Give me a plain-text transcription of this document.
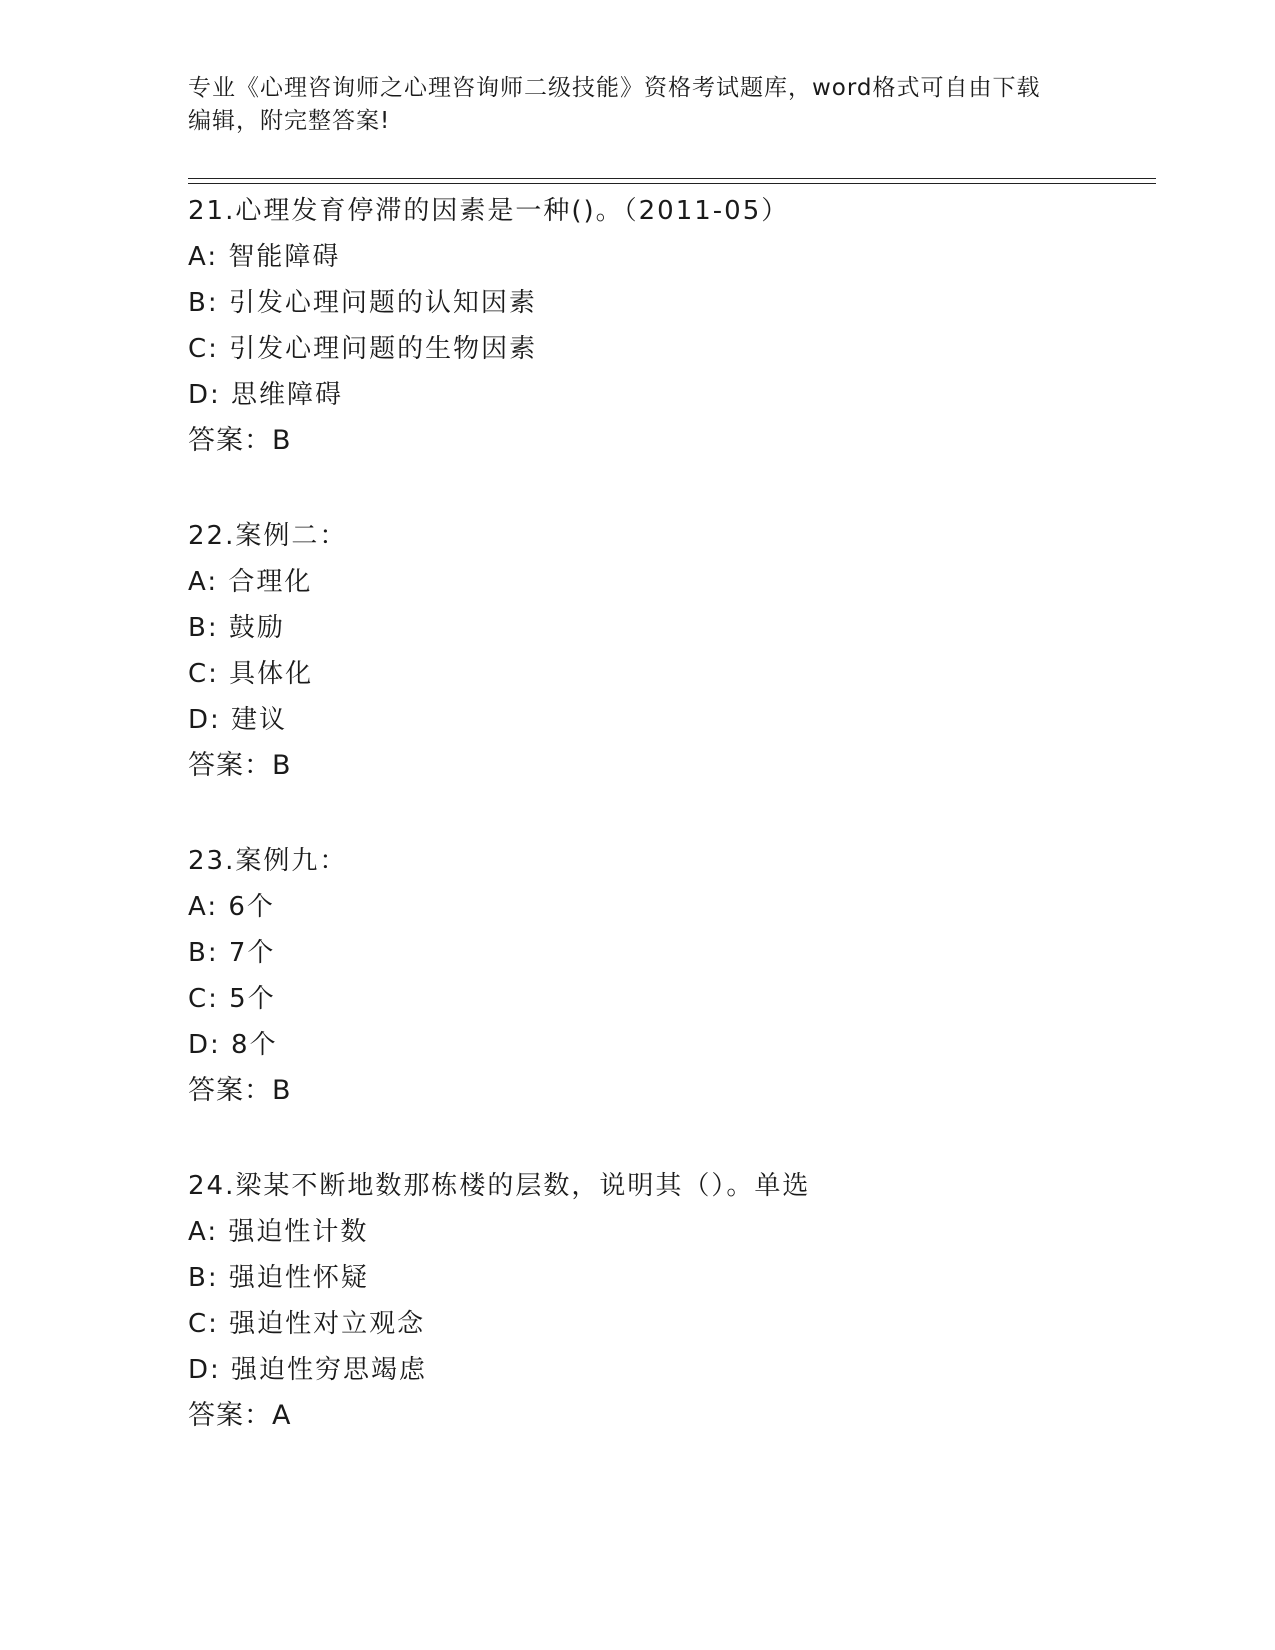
专业《心理咨询师之心理咨询师二级技能》资格考试题库，word格式可自由下载
编辑，附完整答案!
21.心理发育停滞的因素是一种()。（2011-05）
A: 智能障碍
B: 引发心理问题的认知因素
C: 引发心理问题的生物因素
D: 思维障碍
答案：B
22.案例二：
A: 合理化
B: 鼓励
C: 具体化
D: 建议
答案：B
23.案例九：
A: 6个
B: 7个
C: 5个
D: 8个
答案：B
24.梁某不断地数那栋楼的层数，说明其（）。单选
A: 强迫性计数
B: 强迫性怀疑
C: 强迫性对立观念
D: 强迫性穷思竭虑
答案：A
